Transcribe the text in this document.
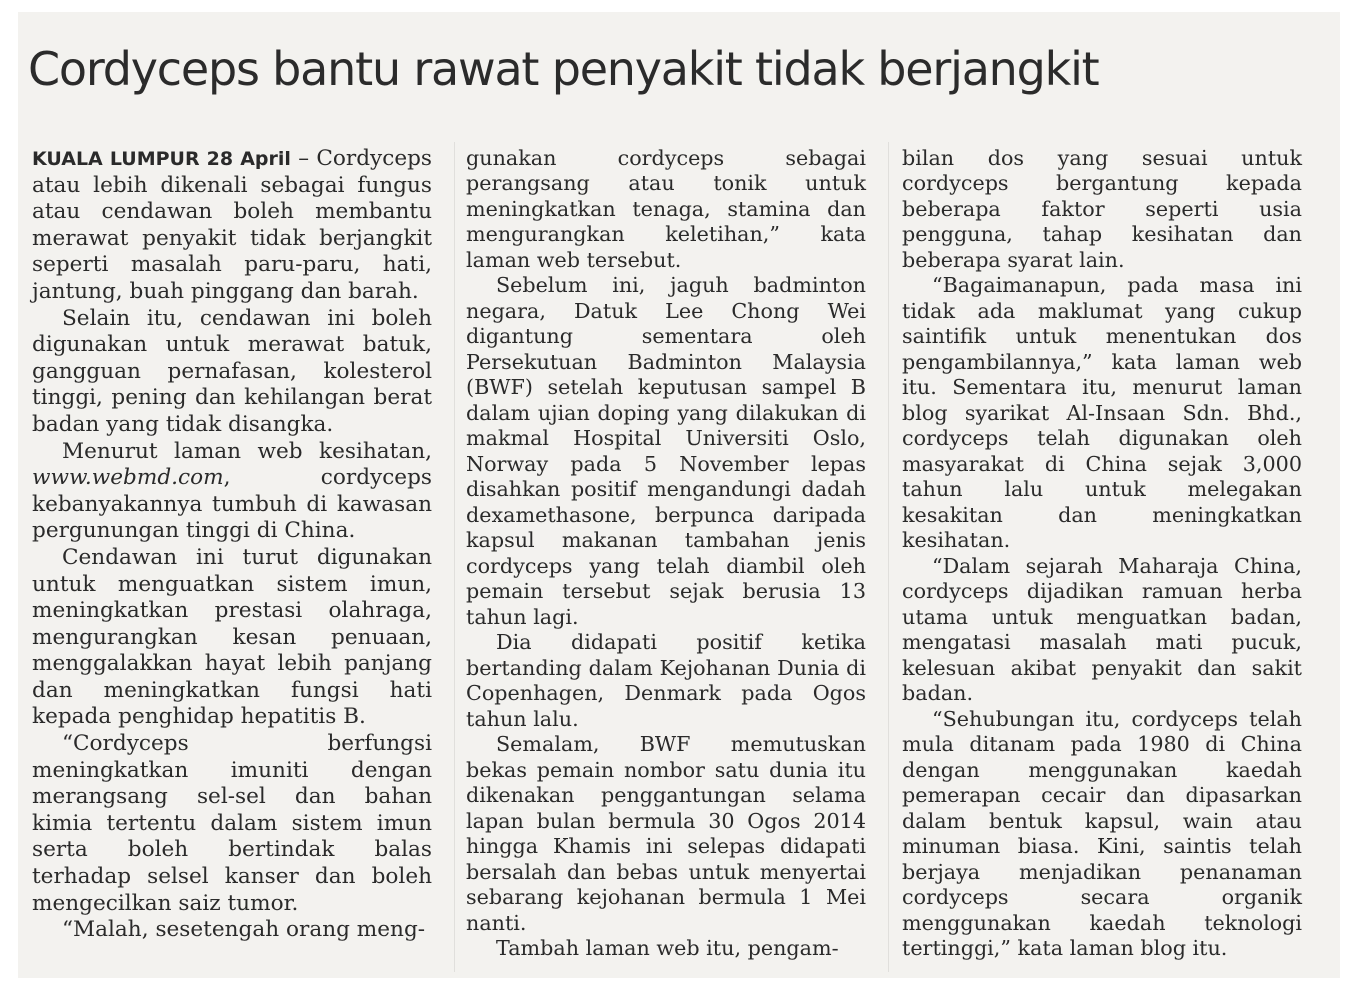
Cordyceps bantu rawat penyakit tidak berjangkit

KUALA LUMPUR 28 April – Cordyceps atau lebih dikenali sebagai fungus atau cendawan boleh membantu merawat penyakit tidak berjangkit seperti masalah paru-paru, hati, jantung, buah pinggang dan barah.

Selain itu, cendawan ini boleh digunakan untuk merawat batuk, gangguan pernafasan, kolesterol tinggi, pening dan kehilangan berat badan yang tidak disangka.

Menurut laman web kesihatan, www.webmd.com, cordyceps kebanyakannya tumbuh di kawasan pergunungan tinggi di China.

Cendawan ini turut digunakan untuk menguatkan sistem imun, meningkatkan prestasi olahraga, mengurangkan kesan penuaan, menggalakkan hayat lebih panjang dan meningkatkan fungsi hati kepada penghidap hepatitis B.

“Cordyceps berfungsi meningkatkan imuniti dengan merangsang sel-sel dan bahan kimia tertentu dalam sistem imun serta boleh bertindak balas terhadap selsel kanser dan boleh mengecilkan saiz tumor.

“Malah, sesetengah orang meng-

gunakan cordyceps sebagai perangsang atau tonik untuk meningkatkan tenaga, stamina dan mengurangkan keletihan,” kata laman web tersebut.

Sebelum ini, jaguh badminton negara, Datuk Lee Chong Wei digantung sementara oleh Persekutuan Badminton Malaysia (BWF) setelah keputusan sampel B dalam ujian doping yang dilakukan di makmal Hospital Universiti Oslo, Norway pada 5 November lepas disahkan positif mengandungi dadah dexamethasone, berpunca daripada kapsul makanan tambahan jenis cordyceps yang telah diambil oleh pemain tersebut sejak berusia 13 tahun lagi.

Dia didapati positif ketika bertanding dalam Kejohanan Dunia di Copenhagen, Denmark pada Ogos tahun lalu.

Semalam, BWF memutuskan bekas pemain nombor satu dunia itu dikenakan penggantungan selama lapan bulan bermula 30 Ogos 2014 hingga Khamis ini selepas didapati bersalah dan bebas untuk menyertai sebarang kejohanan bermula 1 Mei nanti.

Tambah laman web itu, pengam-

bilan dos yang sesuai untuk cordyceps bergantung kepada beberapa faktor seperti usia pengguna, tahap kesihatan dan beberapa syarat lain.

“Bagaimanapun, pada masa ini tidak ada maklumat yang cukup saintifik untuk menentukan dos pengambilannya,” kata laman web itu. Sementara itu, menurut laman blog syarikat Al-Insaan Sdn. Bhd., cordyceps telah digunakan oleh masyarakat di China sejak 3,000 tahun lalu untuk melegakan kesakitan dan meningkatkan kesihatan.

“Dalam sejarah Maharaja China, cordyceps dijadikan ramuan herba utama untuk menguatkan badan, mengatasi masalah mati pucuk, kelesuan akibat penyakit dan sakit badan.

“Sehubungan itu, cordyceps telah mula ditanam pada 1980 di China dengan menggunakan kaedah pemerapan cecair dan dipasarkan dalam bentuk kapsul, wain atau minuman biasa. Kini, saintis telah berjaya menjadikan penanaman cordyceps secara organik menggunakan kaedah teknologi tertinggi,” kata laman blog itu.
